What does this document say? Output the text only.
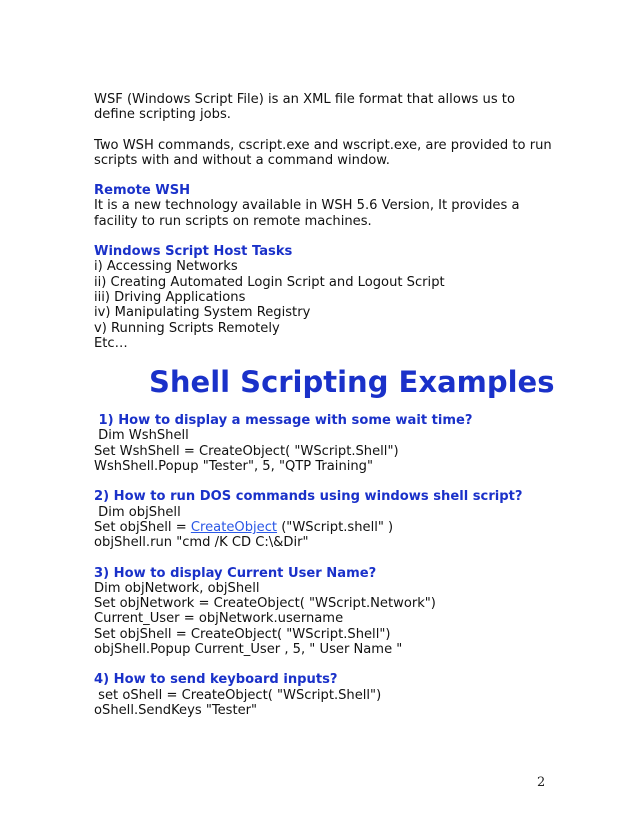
WSF (Windows Script File) is an XML file format that allows us to

define scripting jobs.

Two WSH commands, cscript.exe and wscript.exe, are provided to run

scripts with and without a command window.

Remote WSH

It is a new technology available in WSH 5.6 Version, It provides a

facility to run scripts on remote machines.

Windows Script Host Tasks

i) Accessing Networks

ii) Creating Automated Login Script and Logout Script

iii) Driving Applications

iv) Manipulating System Registry

v) Running Scripts Remotely

Etc…

Shell Scripting Examples

1) How to display a message with some wait time?

Dim WshShell

Set WshShell = CreateObject( "WScript.Shell")

WshShell.Popup "Tester", 5, "QTP Training"

2) How to run DOS commands using windows shell script?

Dim objShell

Set objShell = CreateObject ("WScript.shell" )

objShell.run "cmd /K CD C:\&Dir"

3) How to display Current User Name?

Dim objNetwork, objShell

Set objNetwork = CreateObject( "WScript.Network")

Current_User = objNetwork.username

Set objShell = CreateObject( "WScript.Shell")

objShell.Popup Current_User , 5, " User Name "

4) How to send keyboard inputs?

set oShell = CreateObject( "WScript.Shell")

oShell.SendKeys "Tester"

2
